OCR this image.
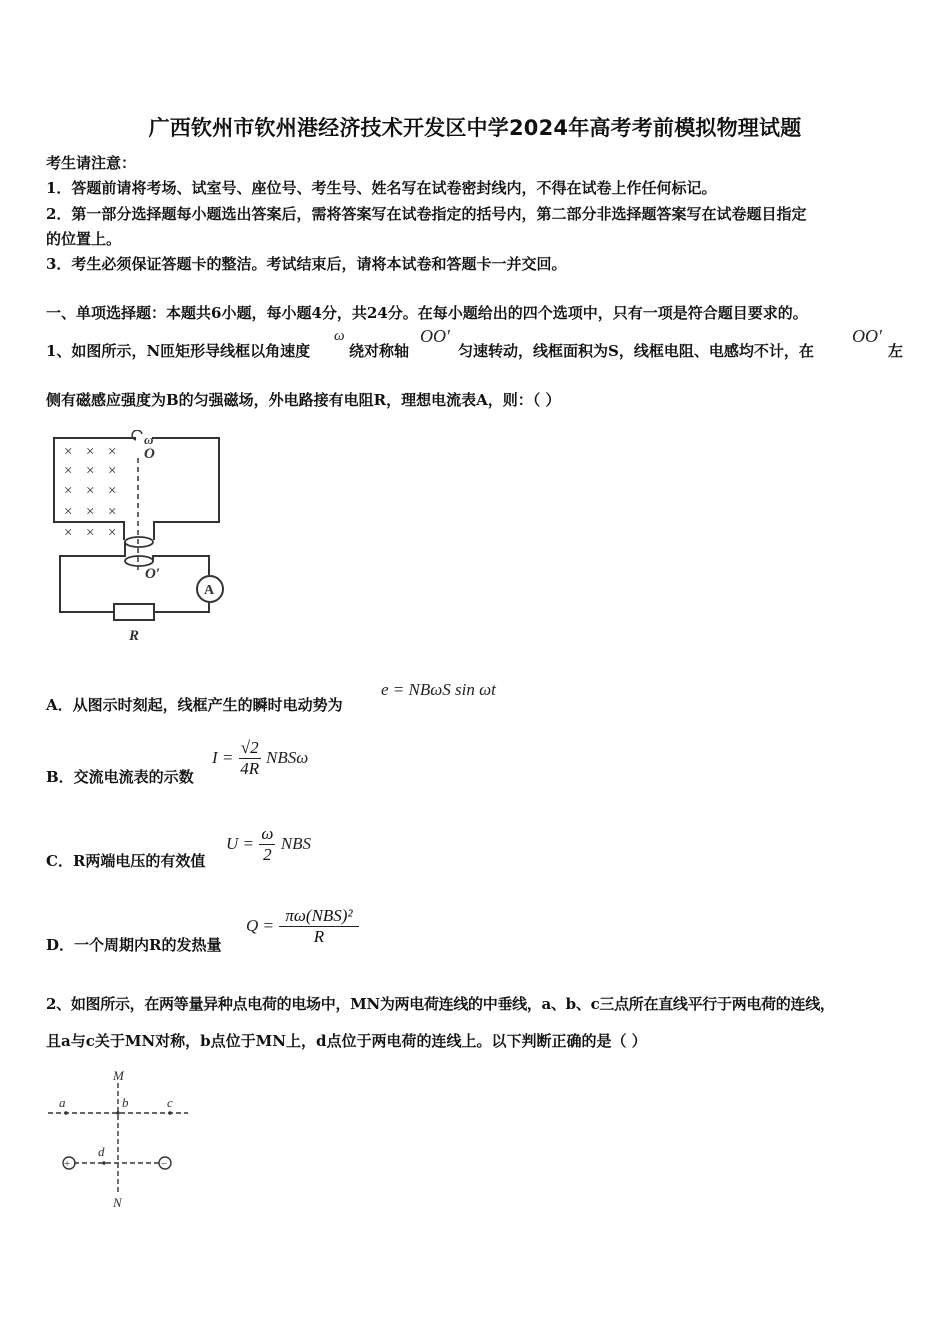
广西钦州市钦州港经济技术开发区中学2024年高考考前模拟物理试题
考生请注意：
1．答题前请将考场、试室号、座位号、考生号、姓名写在试卷密封线内，不得在试卷上作任何标记。
2．第一部分选择题每小题选出答案后，需将答案写在试卷指定的括号内，第二部分非选择题答案写在试卷题目指定
的位置上。
3．考生必须保证答题卡的整洁。考试结束后，请将本试卷和答题卡一并交回。
一、单项选择题：本题共6小题，每小题4分，共24分。在每小题给出的四个选项中，只有一项是符合题目要求的。
1、如图所示，N匝矩形导线框以角速度
ω
绕对称轴
OO′
匀速转动，线框面积为S，线框电阻、电感均不计，在
OO′
左
侧有磁感应强度为B的匀强磁场，外电路接有电阻R，理想电流表A，则：（ ）
× × ×
× × ×
× × ×
× × ×
× × ×
ω
O
O′
A
R
A．从图示时刻起，线框产生的瞬时电动势为
e = NBωS sin ωt
B．交流电流表的示数
$I = \frac{√2}{4R}$ NBSω
C．R两端电压的有效值
$U = \frac{\omega}{2}$ NBS
D．一个周期内R的发热量
$Q = \frac{\text{πω(NBS)²}}{R}$
2、如图所示，在两等量异种点电荷的电场中，MN为两电荷连线的中垂线，a、b、c三点所在直线平行于两电荷的连线，
且a与c关于MN对称，b点位于MN上，d点位于两电荷的连线上。以下判断正确的是（ ）
M
N
a	b	c
d
+	−
